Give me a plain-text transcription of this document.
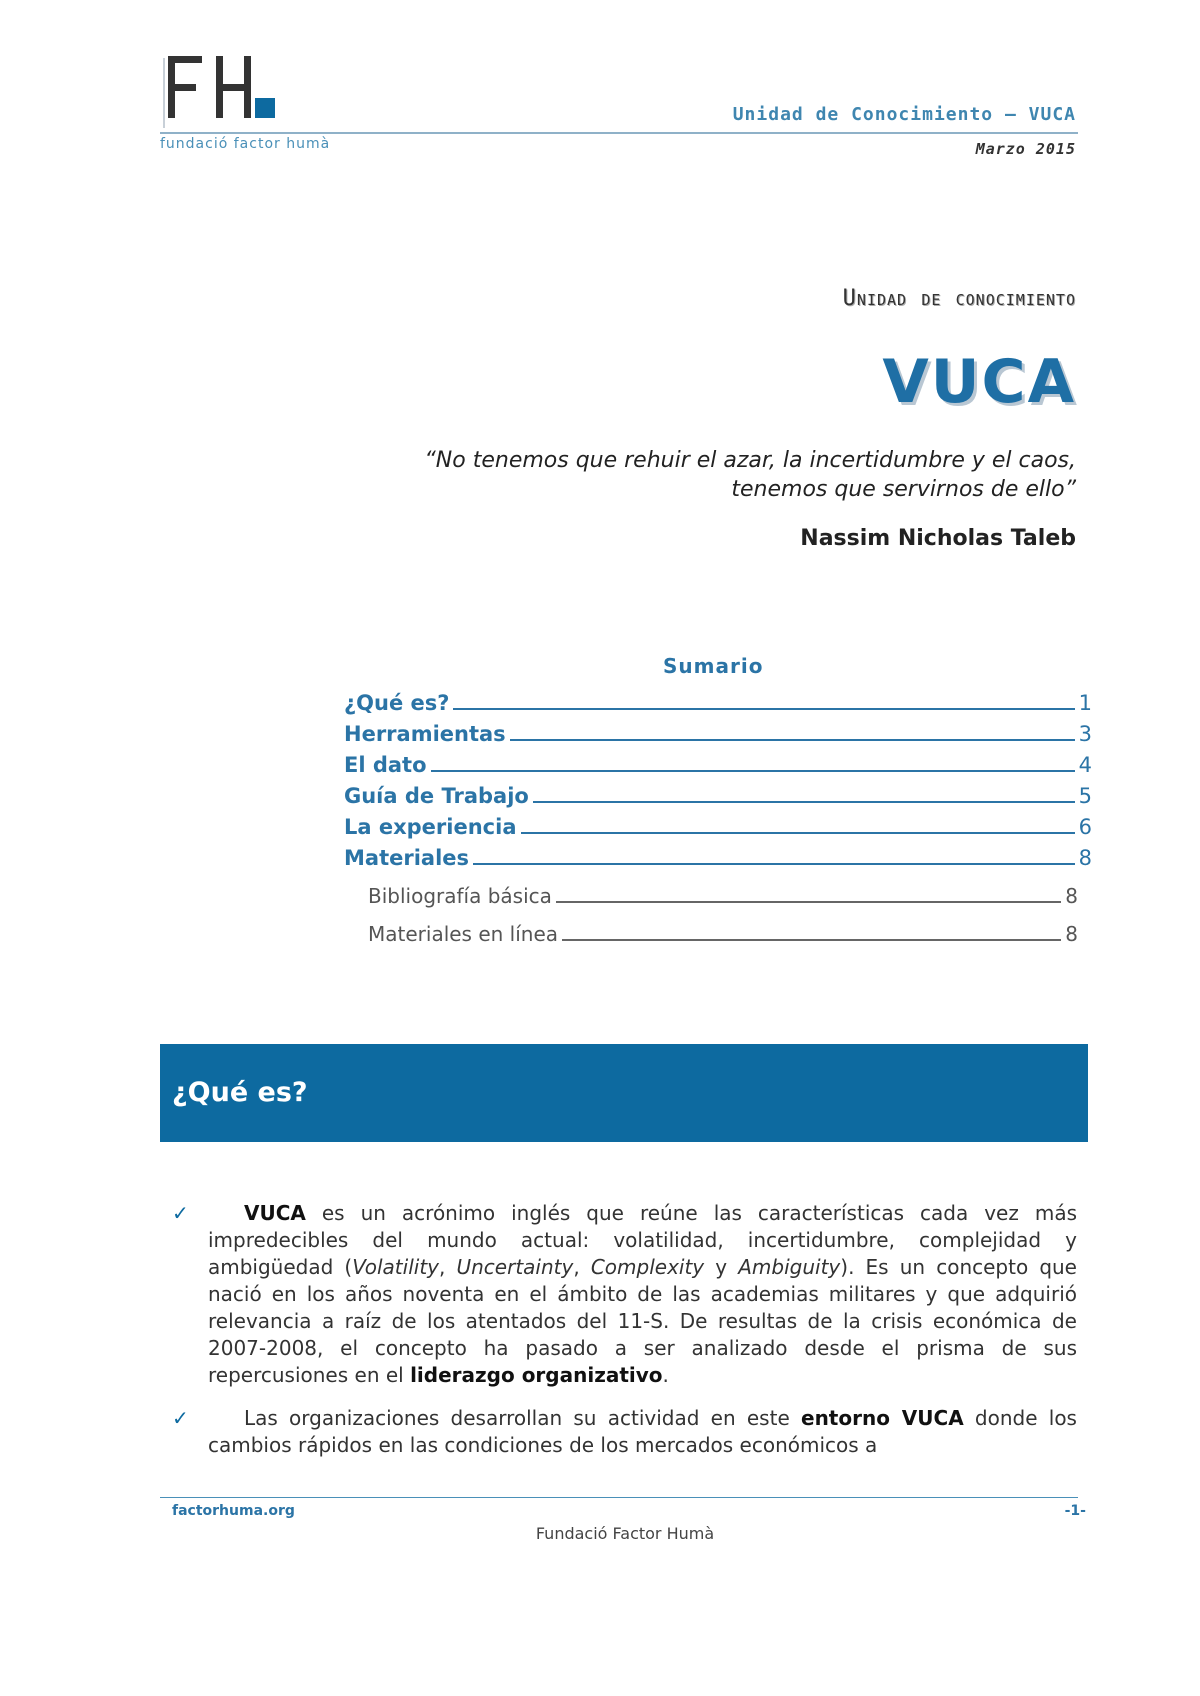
fundació factor humà
Unidad de Conocimiento – VUCA
Marzo 2015
Unidad de conocimiento
VUCA
“No tenemos que rehuir el azar, la incertidumbre y el caos,
tenemos que servirnos de ello”
Nassim Nicholas Taleb
Sumario
¿Qué es?	1
Herramientas	3
El dato	4
Guía de Trabajo	5
La experiencia	6
Materiales	8
Bibliografía básica	8
Materiales en línea	8
¿Qué es?
✓	VUCA es un acrónimo inglés que reúne las características cada vez más impredecibles del mundo actual: volatilidad, incertidumbre, complejidad y ambigüedad (Volatility, Uncertainty, Complexity y Ambiguity). Es un concepto que nació en los años noventa en el ámbito de las academias militares y que adquirió relevancia a raíz de los atentados del 11-S. De resultas de la crisis económica de 2007-2008, el concepto ha pasado a ser analizado desde el prisma de sus repercusiones en el liderazgo organizativo.
✓	Las organizaciones desarrollan su actividad en este entorno VUCA donde los cambios rápidos en las condiciones de los mercados económicos a
factorhuma.org	-1-
Fundació Factor Humà
